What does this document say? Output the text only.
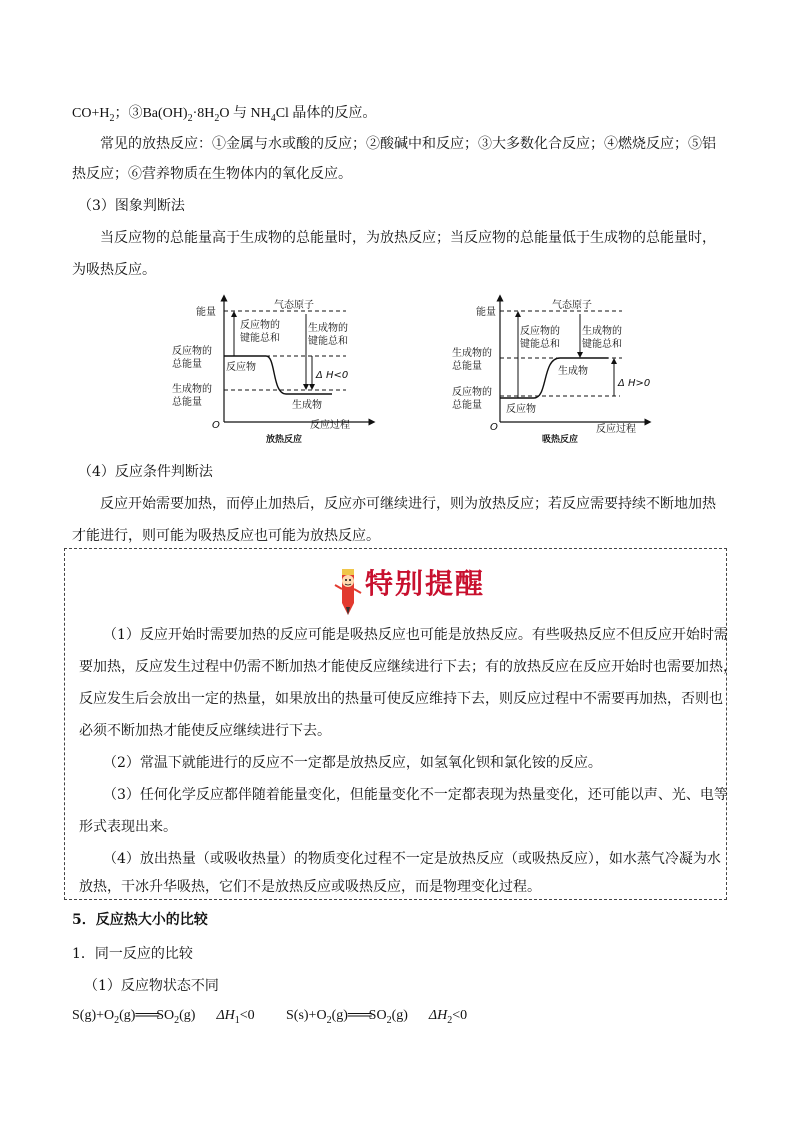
$CO+H_2$；$③Ba(OH)_2\cdot 8H_2O$ 与 $NH_4Cl$ 晶体的反应。
常见的放热反应：①金属与水或酸的反应；②酸碱中和反应；③大多数化合反应；④燃烧反应；⑤铝
热反应；⑥营养物质在生物体内的氧化反应。
（3）图象判断法
当反应物的总能量高于生成物的总能量时，为放热反应；当反应物的总能量低于生成物的总能量时，
为吸热反应。
能量
O	反应过程
气态原子
反应物的
键能总和
生成物的
键能总和
反应物的
总能量
生成物的
总能量
反应物
生成物
Δ H<0
放热反应
能量
O	反应过程
气态原子
反应物的
键能总和
生成物的
键能总和
生成物的
总能量
反应物的
总能量 反应物
生成物
Δ H>0
吸热反应
（4）反应条件判断法
反应开始需要加热，而停止加热后，反应亦可继续进行，则为放热反应；若反应需要持续不断地加热
才能进行，则可能为吸热反应也可能为放热反应。
特别提醒
（1）反应开始时需要加热的反应可能是吸热反应也可能是放热反应。有些吸热反应不但反应开始时需
要加热，反应发生过程中仍需不断加热才能使反应继续进行下去；有的放热反应在反应开始时也需要加热，
反应发生后会放出一定的热量，如果放出的热量可使反应维持下去，则反应过程中不需要再加热，否则也
必须不断加热才能使反应继续进行下去。
（2）常温下就能进行的反应不一定都是放热反应，如氢氧化钡和氯化铵的反应。
（3）任何化学反应都伴随着能量变化，但能量变化不一定都表现为热量变化，还可能以声、光、电等
形式表现出来。
（4）放出热量（或吸收热量）的物质变化过程不一定是放热反应（或吸热反应），如水蒸气冷凝为水
放热，干冰升华吸热，它们不是放热反应或吸热反应，而是物理变化过程。
5．反应热大小的比较
1．同一反应的比较
（1）反应物状态不同
$S(g)+O_2(g)═══SO_2(g)$ $\Delta H_1<0$ $S(s)+O_2(g)═══SO_2(g)$ $\Delta H_2<0$
